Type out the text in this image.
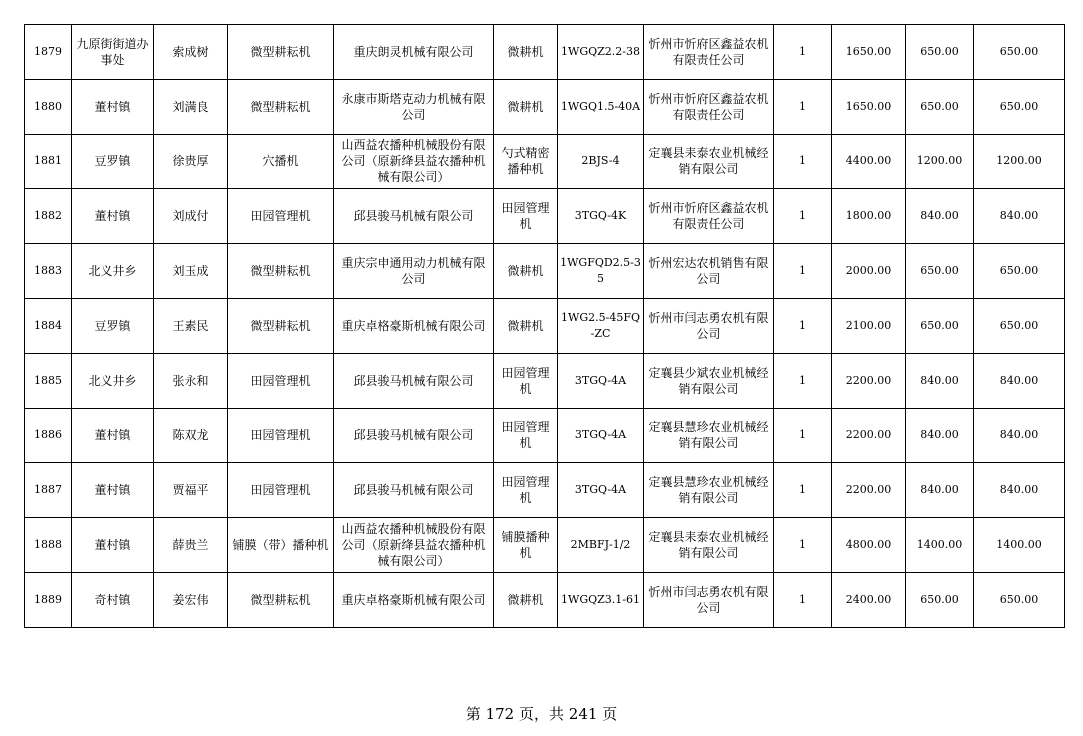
1879	九原街街道办事处	索成树	微型耕耘机	重庆朗灵机械有限公司	微耕机	1WGQZ2.2-38	忻州市忻府区鑫益农机有限责任公司	1	1650.00	650.00	650.00
1880	董村镇	刘满良	微型耕耘机	永康市斯塔克动力机械有限公司	微耕机	1WGQ1.5-40A	忻州市忻府区鑫益农机有限责任公司	1	1650.00	650.00	650.00
1881	豆罗镇	徐贵厚	穴播机	山西益农播种机械股份有限公司（原新绛县益农播种机械有限公司）	勺式精密播种机	2BJS-4	定襄县耒泰农业机械经销有限公司	1	4400.00	1200.00	1200.00
1882	董村镇	刘成付	田园管理机	邱县骏马机械有限公司	田园管理机	3TGQ-4K	忻州市忻府区鑫益农机有限责任公司	1	1800.00	840.00	840.00
1883	北义井乡	刘玉成	微型耕耘机	重庆宗申通用动力机械有限公司	微耕机	1WGFQD2.5-35	忻州宏达农机销售有限公司	1	2000.00	650.00	650.00
1884	豆罗镇	王素民	微型耕耘机	重庆卓格豪斯机械有限公司	微耕机	1WG2.5-45FQ-ZC	忻州市闫志勇农机有限公司	1	2100.00	650.00	650.00
1885	北义井乡	张永和	田园管理机	邱县骏马机械有限公司	田园管理机	3TGQ-4A	定襄县少斌农业机械经销有限公司	1	2200.00	840.00	840.00
1886	董村镇	陈双龙	田园管理机	邱县骏马机械有限公司	田园管理机	3TGQ-4A	定襄县慧珍农业机械经销有限公司	1	2200.00	840.00	840.00
1887	董村镇	贾福平	田园管理机	邱县骏马机械有限公司	田园管理机	3TGQ-4A	定襄县慧珍农业机械经销有限公司	1	2200.00	840.00	840.00
1888	董村镇	薛贵兰	铺膜（带）播种机	山西益农播种机械股份有限公司（原新绛县益农播种机械有限公司）	铺膜播种机	2MBFJ-1/2	定襄县耒泰农业机械经销有限公司	1	4800.00	1400.00	1400.00
1889	奇村镇	姜宏伟	微型耕耘机	重庆卓格豪斯机械有限公司	微耕机	1WGQZ3.1-61	忻州市闫志勇农机有限公司	1	2400.00	650.00	650.00
第 172 页，共 241 页
